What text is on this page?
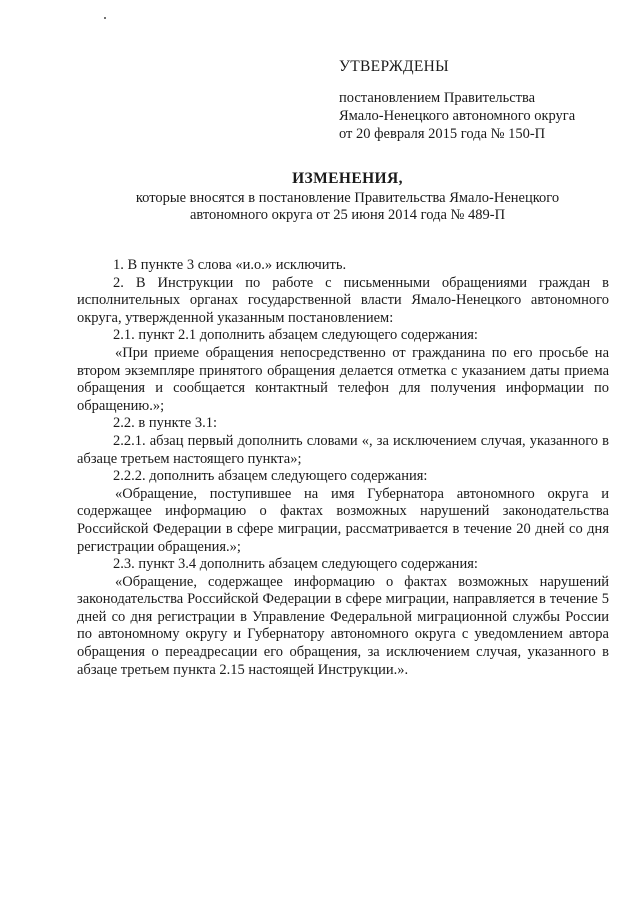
УТВЕРЖДЕНЫ
постановлением Правительства
Ямало-Ненецкого автономного округа
от 20 февраля 2015 года № 150-П
ИЗМЕНЕНИЯ,
которые вносятся в постановление Правительства Ямало-Ненецкого
автономного округа от 25 июня 2014 года № 489-П

1. В пункте 3 слова «и.о.» исключить.

2. В Инструкции по работе с письменными обращениями граждан в исполнительных органах государственной власти Ямало-Ненецкого автономного округа, утвержденной указанным постановлением:

2.1. пункт 2.1 дополнить абзацем следующего содержания:

«При приеме обращения непосредственно от гражданина по его просьбе на втором экземпляре принятого обращения делается отметка с указанием даты приема обращения и сообщается контактный телефон для получения информации по обращению.»;

2.2. в пункте 3.1:

2.2.1. абзац первый дополнить словами «, за исключением случая, указанного в абзаце третьем настоящего пункта»;

2.2.2. дополнить абзацем следующего содержания:

«Обращение, поступившее на имя Губернатора автономного округа и содержащее информацию о фактах возможных нарушений законодательства Российской Федерации в сфере миграции, рассматривается в течение 20 дней со дня регистрации обращения.»;

2.3. пункт 3.4 дополнить абзацем следующего содержания:

«Обращение, содержащее информацию о фактах возможных нарушений законодательства Российской Федерации в сфере миграции, направляется в течение 5 дней со дня регистрации в Управление Федеральной миграционной службы России по автономному округу и Губернатору автономного округа с уведомлением автора обращения о переадресации его обращения, за исключением случая, указанного в абзаце третьем пункта 2.15 настоящей Инструкции.».
